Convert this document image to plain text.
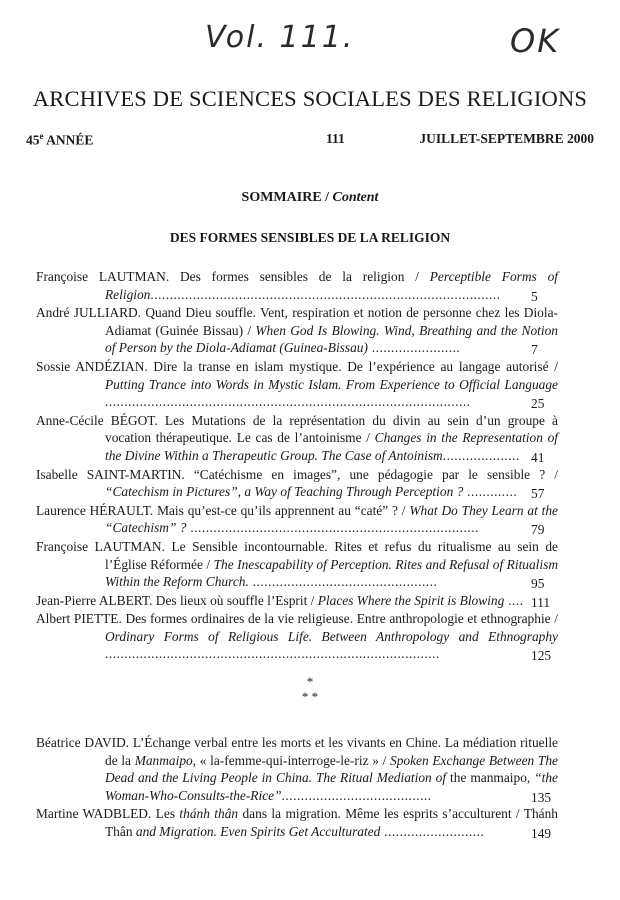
Vol. 111.	OK
ARCHIVES DE SCIENCES SOCIALES DES RELIGIONS
45e ANNÉE	111	JUILLET-SEPTEMBRE 2000
SOMMAIRE / Content
DES FORMES SENSIBLES DE LA RELIGION
Françoise LAUTMAN. Des formes sensibles de la religion / Perceptible Forms of Religion........................................................................................... 5
André JULLIARD. Quand Dieu souffle. Vent, respiration et notion de personne chez les Diola-Adiamat (Guinée Bissau) / When God Is Blowing. Wind, Breathing and the Notion of Person by the Diola-Adiamat (Guinea-Bissau) .......................	7
Sossie ANDÉZIAN. Dire la transe en islam mystique. De l’expérience au langage autorisé / Putting Trance into Words in Mystic Islam. From Experience to Official Language ...............................................................................................	25
Anne-Cécile BÉGOT. Les Mutations de la représentation du divin au sein d’un groupe à vocation thérapeutique. Le cas de l’antoinisme / Changes in the Representation of the Divine Within a Therapeutic Group. The Case of Antoinism.................... 41
Isabelle SAINT-MARTIN. “Catéchisme en images”, une pédagogie par le sensible ? / “Catechism in Pictures”, a Way of Teaching Through Perception ? ............. 57
Laurence HÉRAULT. Mais qu’est-ce qu’ils apprennent au “caté” ? / What Do They Learn at the “Catechism” ? ...........................................................................	79
Françoise LAUTMAN. Le Sensible incontournable. Rites et refus du ritualisme au sein de l’Église Réformée / The Inescapability of Perception. Rites and Refusal of Ritualism Within the Reform Church. ................................................	95
Jean-Pierre ALBERT. Des lieux où souffle l’Esprit / Places Where the Spirit is Blowing .... 111
Albert PIETTE. Des formes ordinaires de la vie religieuse. Entre anthropologie et ethnographie / Ordinary Forms of Religious Life. Between Anthropology and Ethnography .......................................................................................	125
*
* *
Béatrice DAVID. L’Échange verbal entre les morts et les vivants en Chine. La médiation rituelle de la Manmaipo, « la-femme-qui-interroge-le-riz » / Spoken Exchange Between The Dead and the Living People in China. The Ritual Mediation of the manmaipo, “the Woman-Who-Consults-the-Rice”.......................................	135
Martine WADBLED. Les thánh thân dans la migration. Même les esprits s’acculturent / Thánh Thân and Migration. Even Spirits Get Acculturated ..........................	149
